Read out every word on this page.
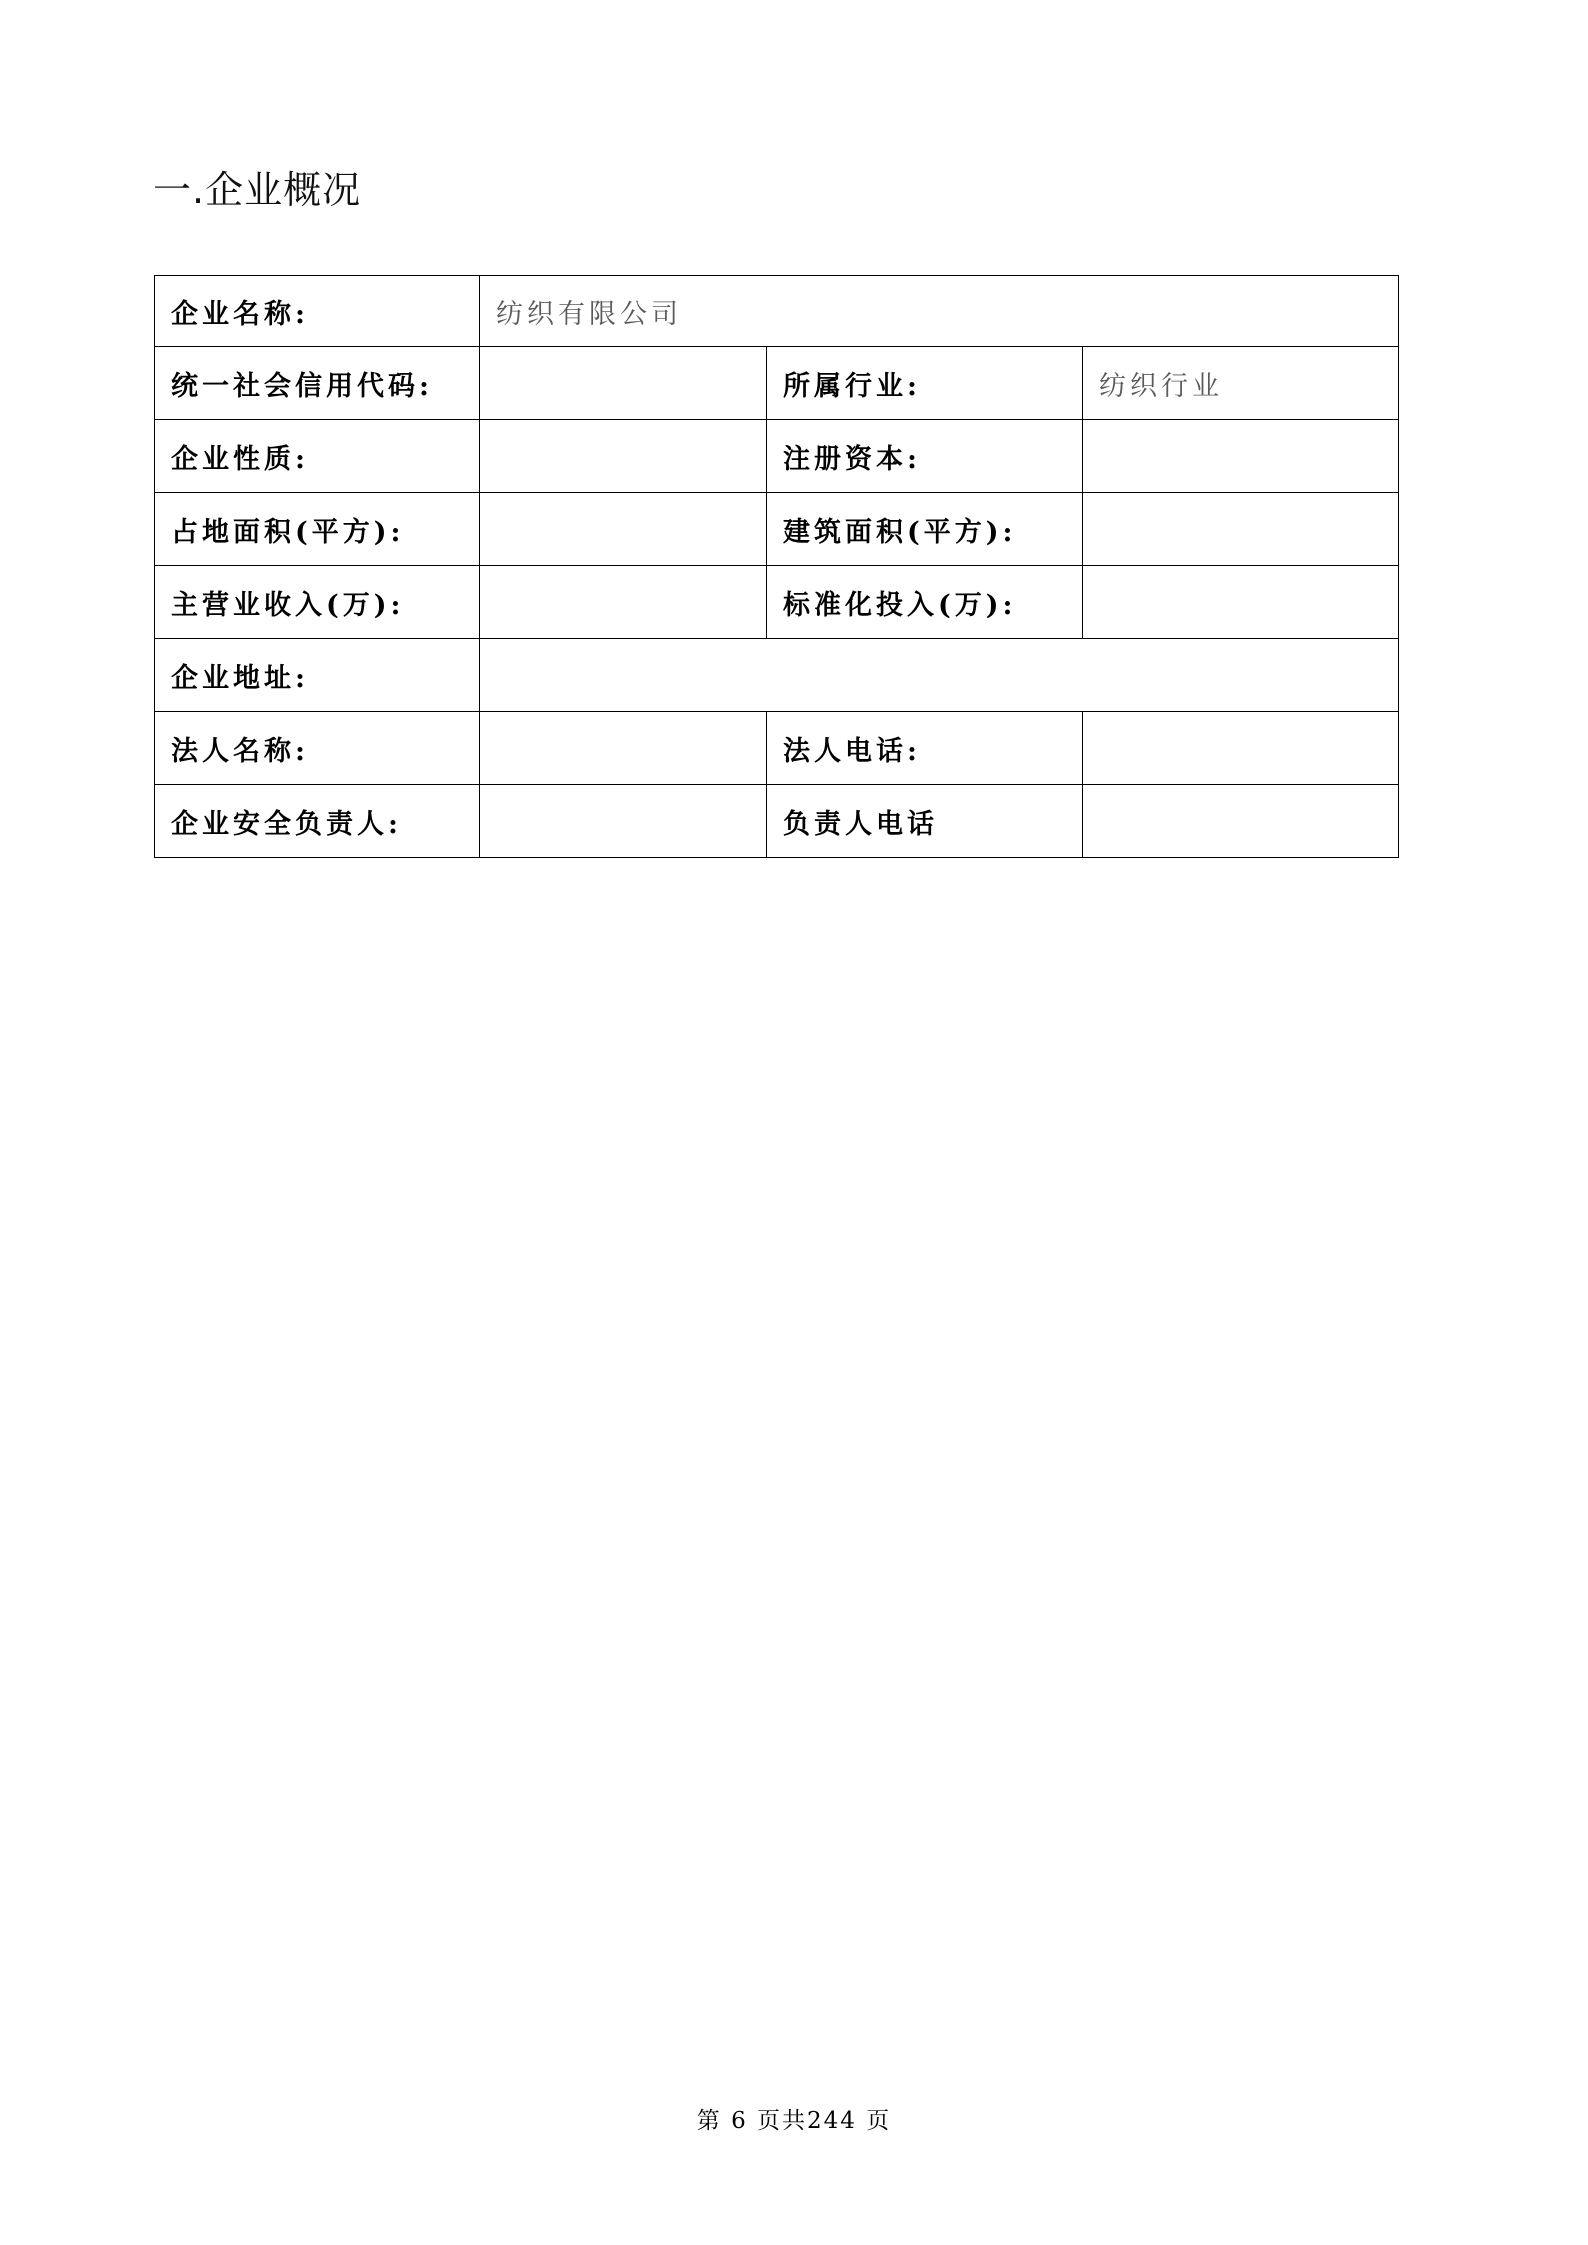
一.企业概况
企业名称:	纺织有限公司		
统一社会信用代码:		所属行业:	纺织行业
企业性质:		注册资本:	
占地面积(平方):		建筑面积(平方):	
主营业收入(万):		标准化投入(万):	
企业地址:			
法人名称:		法人电话:	
企业安全负责人:		负责人电话	
第 6 页共244 页
